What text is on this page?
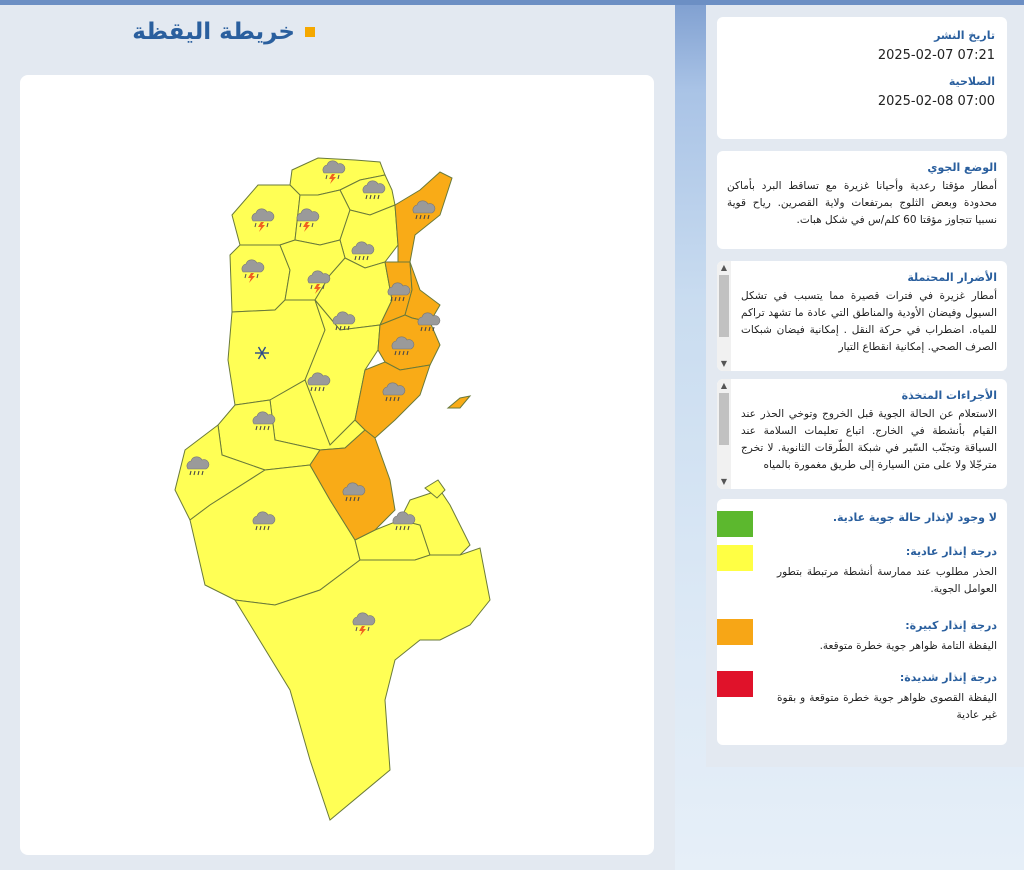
خريطة اليقظة	تاريخ النشر
07:21 2025-02-07
الصلاحية
07:00 2025-02-08
الوضع الجوي
أمطار مؤقتا رعدية وأحيانا غزيرة مع تساقط البرد بأماكن محدودة وبعض الثلوج بمرتفعات ولاية القصرين. رياح قوية نسبيا تتجاوز مؤقتا 60 كلم/س في شكل هبات.
▲
▼
الأضرار المحتملة
أمطار غزيرة في فترات قصيرة مما يتسبب في تشكل السيول وفيضان الأودية والمناطق التي عادة ما تشهد تراكم للمياه. اضطراب في حركة النقل . إمكانية فيضان شبكات الصرف الصحي. إمكانية انقطاع التيار
▲
▼
الأجراءات المتخذة
الاستعلام عن الحالة الجوية قبل الخروج وتوخي الحذر عند القيام بأنشطة في الخارج. اتباع تعليمات السلامة عند السياقة وتجنّب السّير في شبكة الطّرقات الثانوية. لا تخرج مترجّلا ولا على متن السيارة إلى طريق مغمورة بالمياه
لا وجود لإنذار حالة جوية عادية.
درجة إنذار عادية:
الحذر مطلوب عند ممارسة أنشطة مرتبطة بتطور العوامل الجوية.
درجة إنذار كبيرة:
اليقظة التامة ظواهر جوية خطرة متوقعة.
درجة إنذار شديدة:
اليقظة القصوى ظواهر جوية خطرة متوقعة و بقوة غير عادية
